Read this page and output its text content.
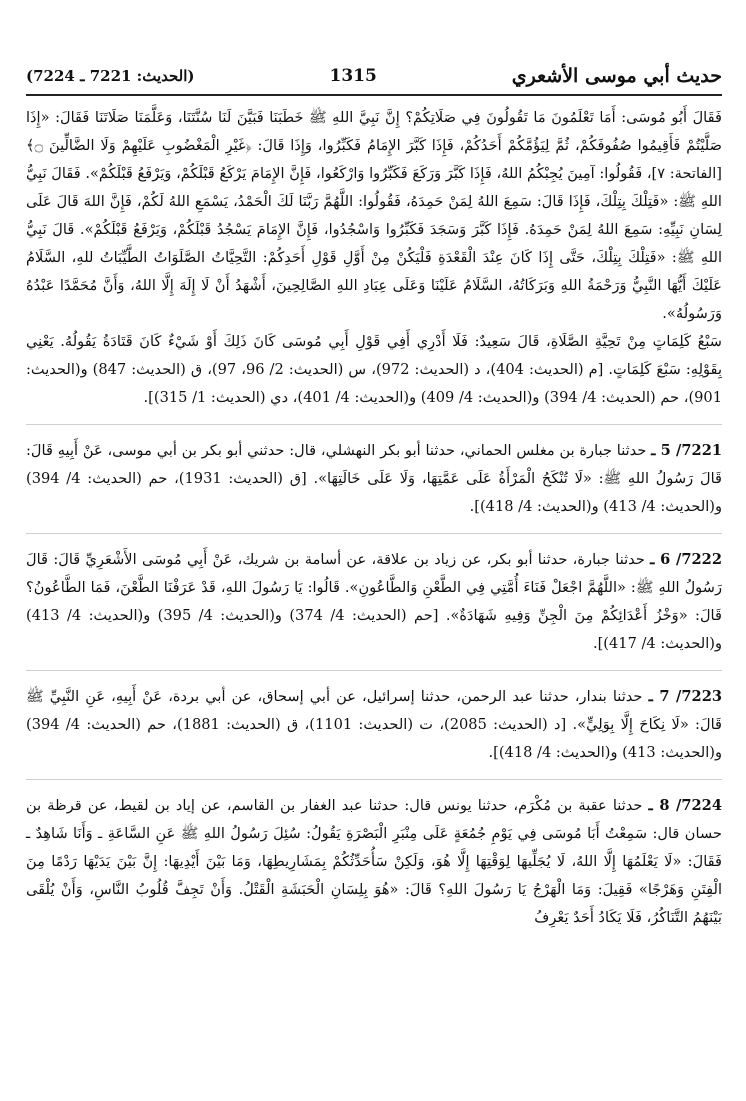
حديث أبي موسى الأشعري
1315
(الحديث: 7221 ـ 7224)

فَقَالَ أَبُو مُوسَى: أَمَا تَعْلَمُونَ مَا تَقُولُونَ فِي صَلَاتِكُمْ؟ إِنَّ نَبِيَّ اللهِ ﷺ خَطَبَنَا فَبَيَّنَ لَنَا سُنَّتَنَا، وَعَلَّمَنَا صَلَاتَنَا فَقَالَ: «إِذَا صَلَّيْتُمْ فَأَقِيمُوا صُفُوفَكُمْ، ثُمَّ لِيَؤُمَّكُمْ أَحَدُكُمْ، فَإِذَا كَبَّرَ الإِمَامُ فَكَبِّرُوا، وَإِذَا قَالَ: ﴿غَيْرِ الْمَغْضُوبِ عَلَيْهِمْ وَلَا الضَّالِّينَ ۝﴾ [الفاتحة: ٧]، فَقُولُوا: آمِينَ يُجِبْكُمُ اللهُ، فَإِذَا كَبَّرَ وَرَكَعَ فَكَبِّرُوا وَارْكَعُوا، فَإِنَّ الإِمَامَ يَرْكَعُ قَبْلَكُمْ، وَيَرْفَعُ قَبْلَكُمْ». فَقَالَ نَبِيُّ اللهِ ﷺ: «فَتِلْكَ بِتِلْكَ، فَإِذَا قَالَ: سَمِعَ اللهُ لِمَنْ حَمِدَهُ، فَقُولُوا: اللَّهُمَّ رَبَّنَا لَكَ الْحَمْدُ، يَسْمَعِ اللهُ لَكُمْ، فَإِنَّ اللهَ قَالَ عَلَى لِسَانِ نَبِيِّهِ: سَمِعَ اللهُ لِمَنْ حَمِدَهُ. فَإِذَا كَبَّرَ وَسَجَدَ فَكَبِّرُوا وَاسْجُدُوا، فَإِنَّ الإِمَامَ يَسْجُدُ قَبْلَكُمْ، وَيَرْفَعُ قَبْلَكُمْ». قَالَ نَبِيُّ اللهِ ﷺ: «فَتِلْكَ بِتِلْكَ، حَتَّى إِذَا كَانَ عِنْدَ الْقَعْدَةِ فَلْيَكُنْ مِنْ أَوَّلِ قَوْلِ أَحَدِكُمْ: التَّحِيَّاتُ الصَّلَوَاتُ الطَّيِّبَاتُ للهِ، السَّلَامُ عَلَيْكَ أَيُّهَا النَّبِيُّ وَرَحْمَةُ اللهِ وَبَرَكَاتُهُ، السَّلَامُ عَلَيْنَا وَعَلَى عِبَادِ اللهِ الصَّالِحِينَ، أَشْهَدُ أَنْ لَا إِلَهَ إِلَّا اللهُ، وَأَنَّ مُحَمَّدًا عَبْدُهُ وَرَسُولُهُ».

سَبْعُ كَلِمَاتٍ مِنْ تَحِيَّةِ الصَّلَاةِ، قَالَ سَعِيدٌ: فَلَا أَدْرِي أَفِي قَوْلِ أَبِي مُوسَى كَانَ ذَلِكَ أَوْ شَيْءٌ كَانَ قَتَادَةُ يَقُولُهُ. يَعْنِي بِقَوْلِهِ: سَبْعَ كَلِمَاتٍ. [م (الحديث: 404)، د (الحديث: 972)، س (الحديث: 2/ 96، 97)، ق (الحديث: 847) و(الحديث: 901)، حم (الحديث: 4/ 394) و(الحديث: 4/ 409) و(الحديث: 4/ 401)، دي (الحديث: 1/ 315)].

7221/ 5 ـ حدثنا جبارة بن مغلس الحماني، حدثنا أبو بكر النهشلي، قال: حدثني أبو بكر بن أبي موسى، عَنْ أَبِيهِ قَالَ: قَالَ رَسُولُ اللهِ ﷺ: «لَا تُنْكَحُ الْمَرْأَةُ عَلَى عَمَّتِهَا، وَلَا عَلَى خَالَتِهَا». [ق (الحديث: 1931)، حم (الحديث: 4/ 394) و(الحديث: 4/ 413) و(الحديث: 4/ 418)].

7222/ 6 ـ حدثنا جبارة، حدثنا أبو بكر، عن زياد بن علاقة، عن أسامة بن شريك، عَنْ أَبِي مُوسَى الأَشْعَرِيِّ قَالَ: قَالَ رَسُولُ اللهِ ﷺ: «اللَّهُمَّ اجْعَلْ فَنَاءَ أُمَّتِي فِي الطَّعْنِ وَالطَّاعُونِ». قَالُوا: يَا رَسُولَ اللهِ، قَدْ عَرَفْنَا الطَّعْنَ، فَمَا الطَّاعُونُ؟ قَالَ: «وَخْزُ أَعْدَائِكُمْ مِنَ الْجِنِّ وَفِيهِ شَهَادَةٌ». [حم (الحديث: 4/ 374) و(الحديث: 4/ 395) و(الحديث: 4/ 413) و(الحديث: 4/ 417)].

7223/ 7 ـ حدثنا بندار، حدثنا عبد الرحمن، حدثنا إسرائيل، عن أبي إسحاق، عن أبي بردة، عَنْ أَبِيهِ، عَنِ النَّبِيِّ ﷺ قَالَ: «لَا نِكَاحَ إِلَّا بِوَلِيٍّ». [د (الحديث: 2085)، ت (الحديث: 1101)، ق (الحديث: 1881)، حم (الحديث: 4/ 394) و(الحديث: 413) و(الحديث: 4/ 418)].

7224/ 8 ـ حدثنا عقبة بن مُكْرَم، حدثنا يونس قال: حدثنا عبد الغفار بن القاسم، عن إياد بن لقيط، عن قرظة بن حسان قال: سَمِعْتُ أَبَا مُوسَى فِي يَوْمِ جُمُعَةٍ عَلَى مِنْبَرِ الْبَصْرَةِ يَقُولُ: سُئِلَ رَسُولُ اللهِ ﷺ عَنِ السَّاعَةِ ـ وَأَنَا شَاهِدٌ ـ فَقَالَ: «لَا يَعْلَمُهَا إِلَّا اللهُ، لَا يُجَلِّيهَا لِوَقْتِهَا إِلَّا هُوَ، وَلَكِنْ سَأُحَدِّثُكُمْ بِمَشَارِيطِهَا، وَمَا بَيْنَ أَيْدِيهَا: إِنَّ بَيْنَ يَدَيْهَا رَدْمًا مِنَ الْفِتَنِ وَهَرْجًا» فَقِيلَ: وَمَا الْهَرْجُ يَا رَسُولَ اللهِ؟ قَالَ: «هُوَ بِلِسَانِ الْحَبَشَةِ الْقَتْلُ. وَأَنْ تَجِفَّ قُلُوبُ النَّاسِ، وَأَنْ يُلْقَى بَيْنَهُمُ التَّنَاكُرُ، فَلَا يَكَادُ أَحَدٌ يَعْرِفُ
